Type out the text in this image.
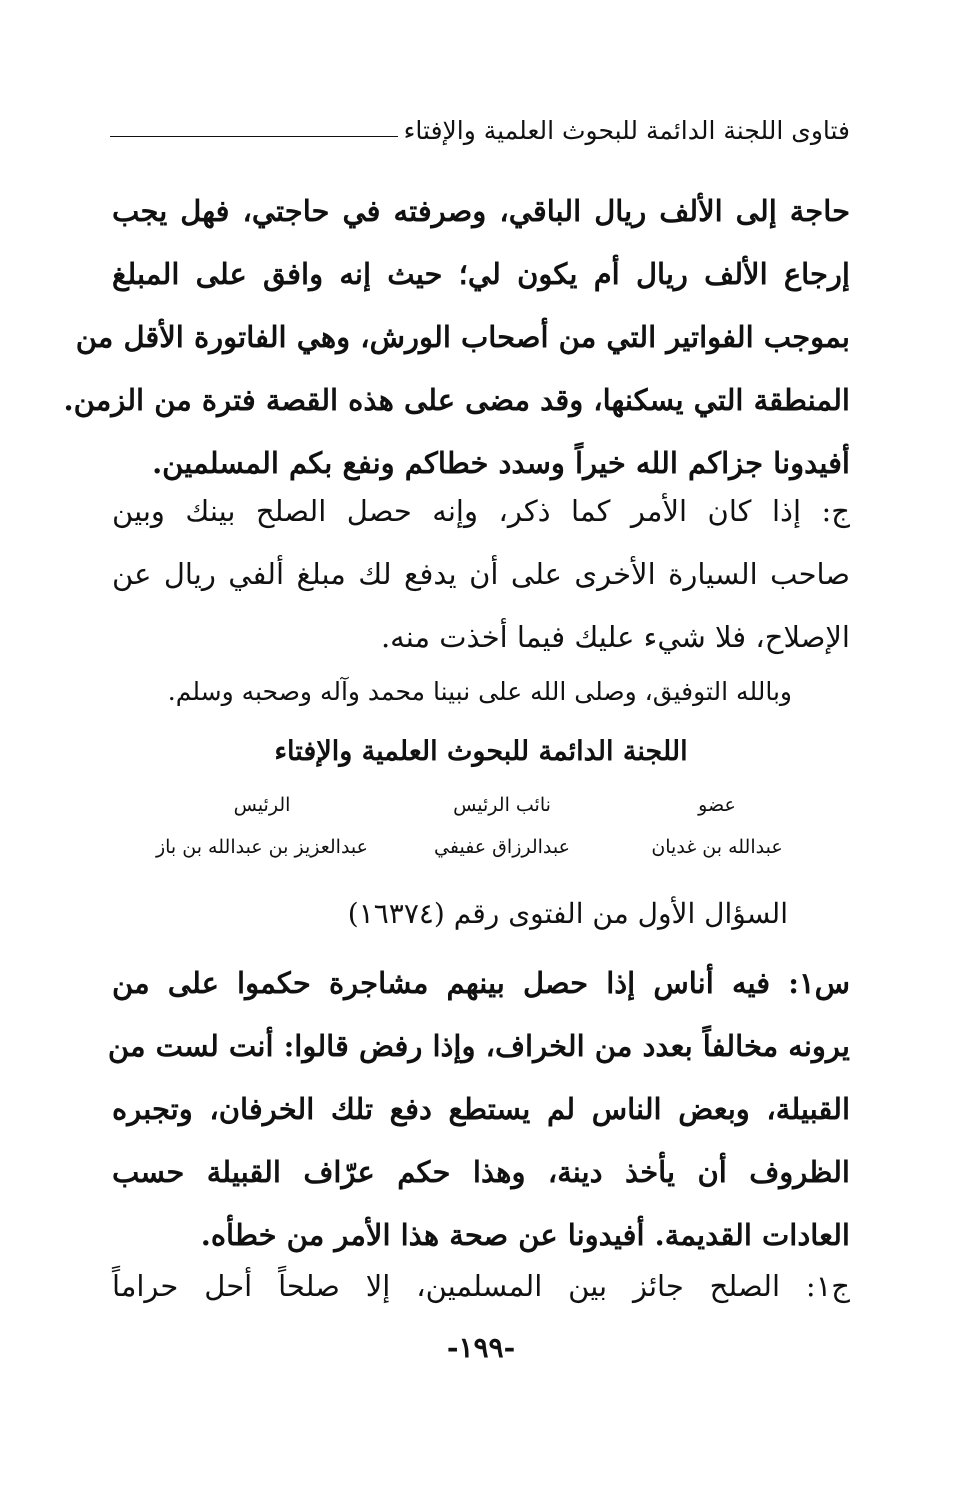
فتاوى اللجنة الدائمة للبحوث العلمية والإفتاء
حاجة إلى الألف ريال الباقي، وصرفته في حاجتي، فهل يجب
إرجاع الألف ريال أم يكون لي؛ حيث إنه وافق على المبلغ
بموجب الفواتير التي من أصحاب الورش، وهي الفاتورة الأقل من
المنطقة التي يسكنها، وقد مضى على هذه القصة فترة من الزمن.
أفيدونا جزاكم الله خيراً وسدد خطاكم ونفع بكم المسلمين.
ج: إذا كان الأمر كما ذكر، وإنه حصل الصلح بينك وبين
صاحب السيارة الأخرى على أن يدفع لك مبلغ ألفي ريال عن
الإصلاح، فلا شيء عليك فيما أخذت منه.
وبالله التوفيق، وصلى الله على نبينا محمد وآله وصحبه وسلم.
اللجنة الدائمة للبحوث العلمية والإفتاء
عضو
عبدالله بن غديان
نائب الرئيس
عبدالرزاق عفيفي
الرئيس
عبدالعزيز بن عبدالله بن باز
السؤال الأول من الفتوى رقم (١٦٣٧٤)
س١: فيه أناس إذا حصل بينهم مشاجرة حكموا على من
يرونه مخالفاً بعدد من الخراف، وإذا رفض قالوا: أنت لست من
القبيلة، وبعض الناس لم يستطع دفع تلك الخرفان، وتجبره
الظروف أن يأخذ دينة، وهذا حكم عرّاف القبيلة حسب
العادات القديمة. أفيدونا عن صحة هذا الأمر من خطأه.
ج١: الصلح جائز بين المسلمين، إلا صلحاً أحل حراماً
-١٩٩-
